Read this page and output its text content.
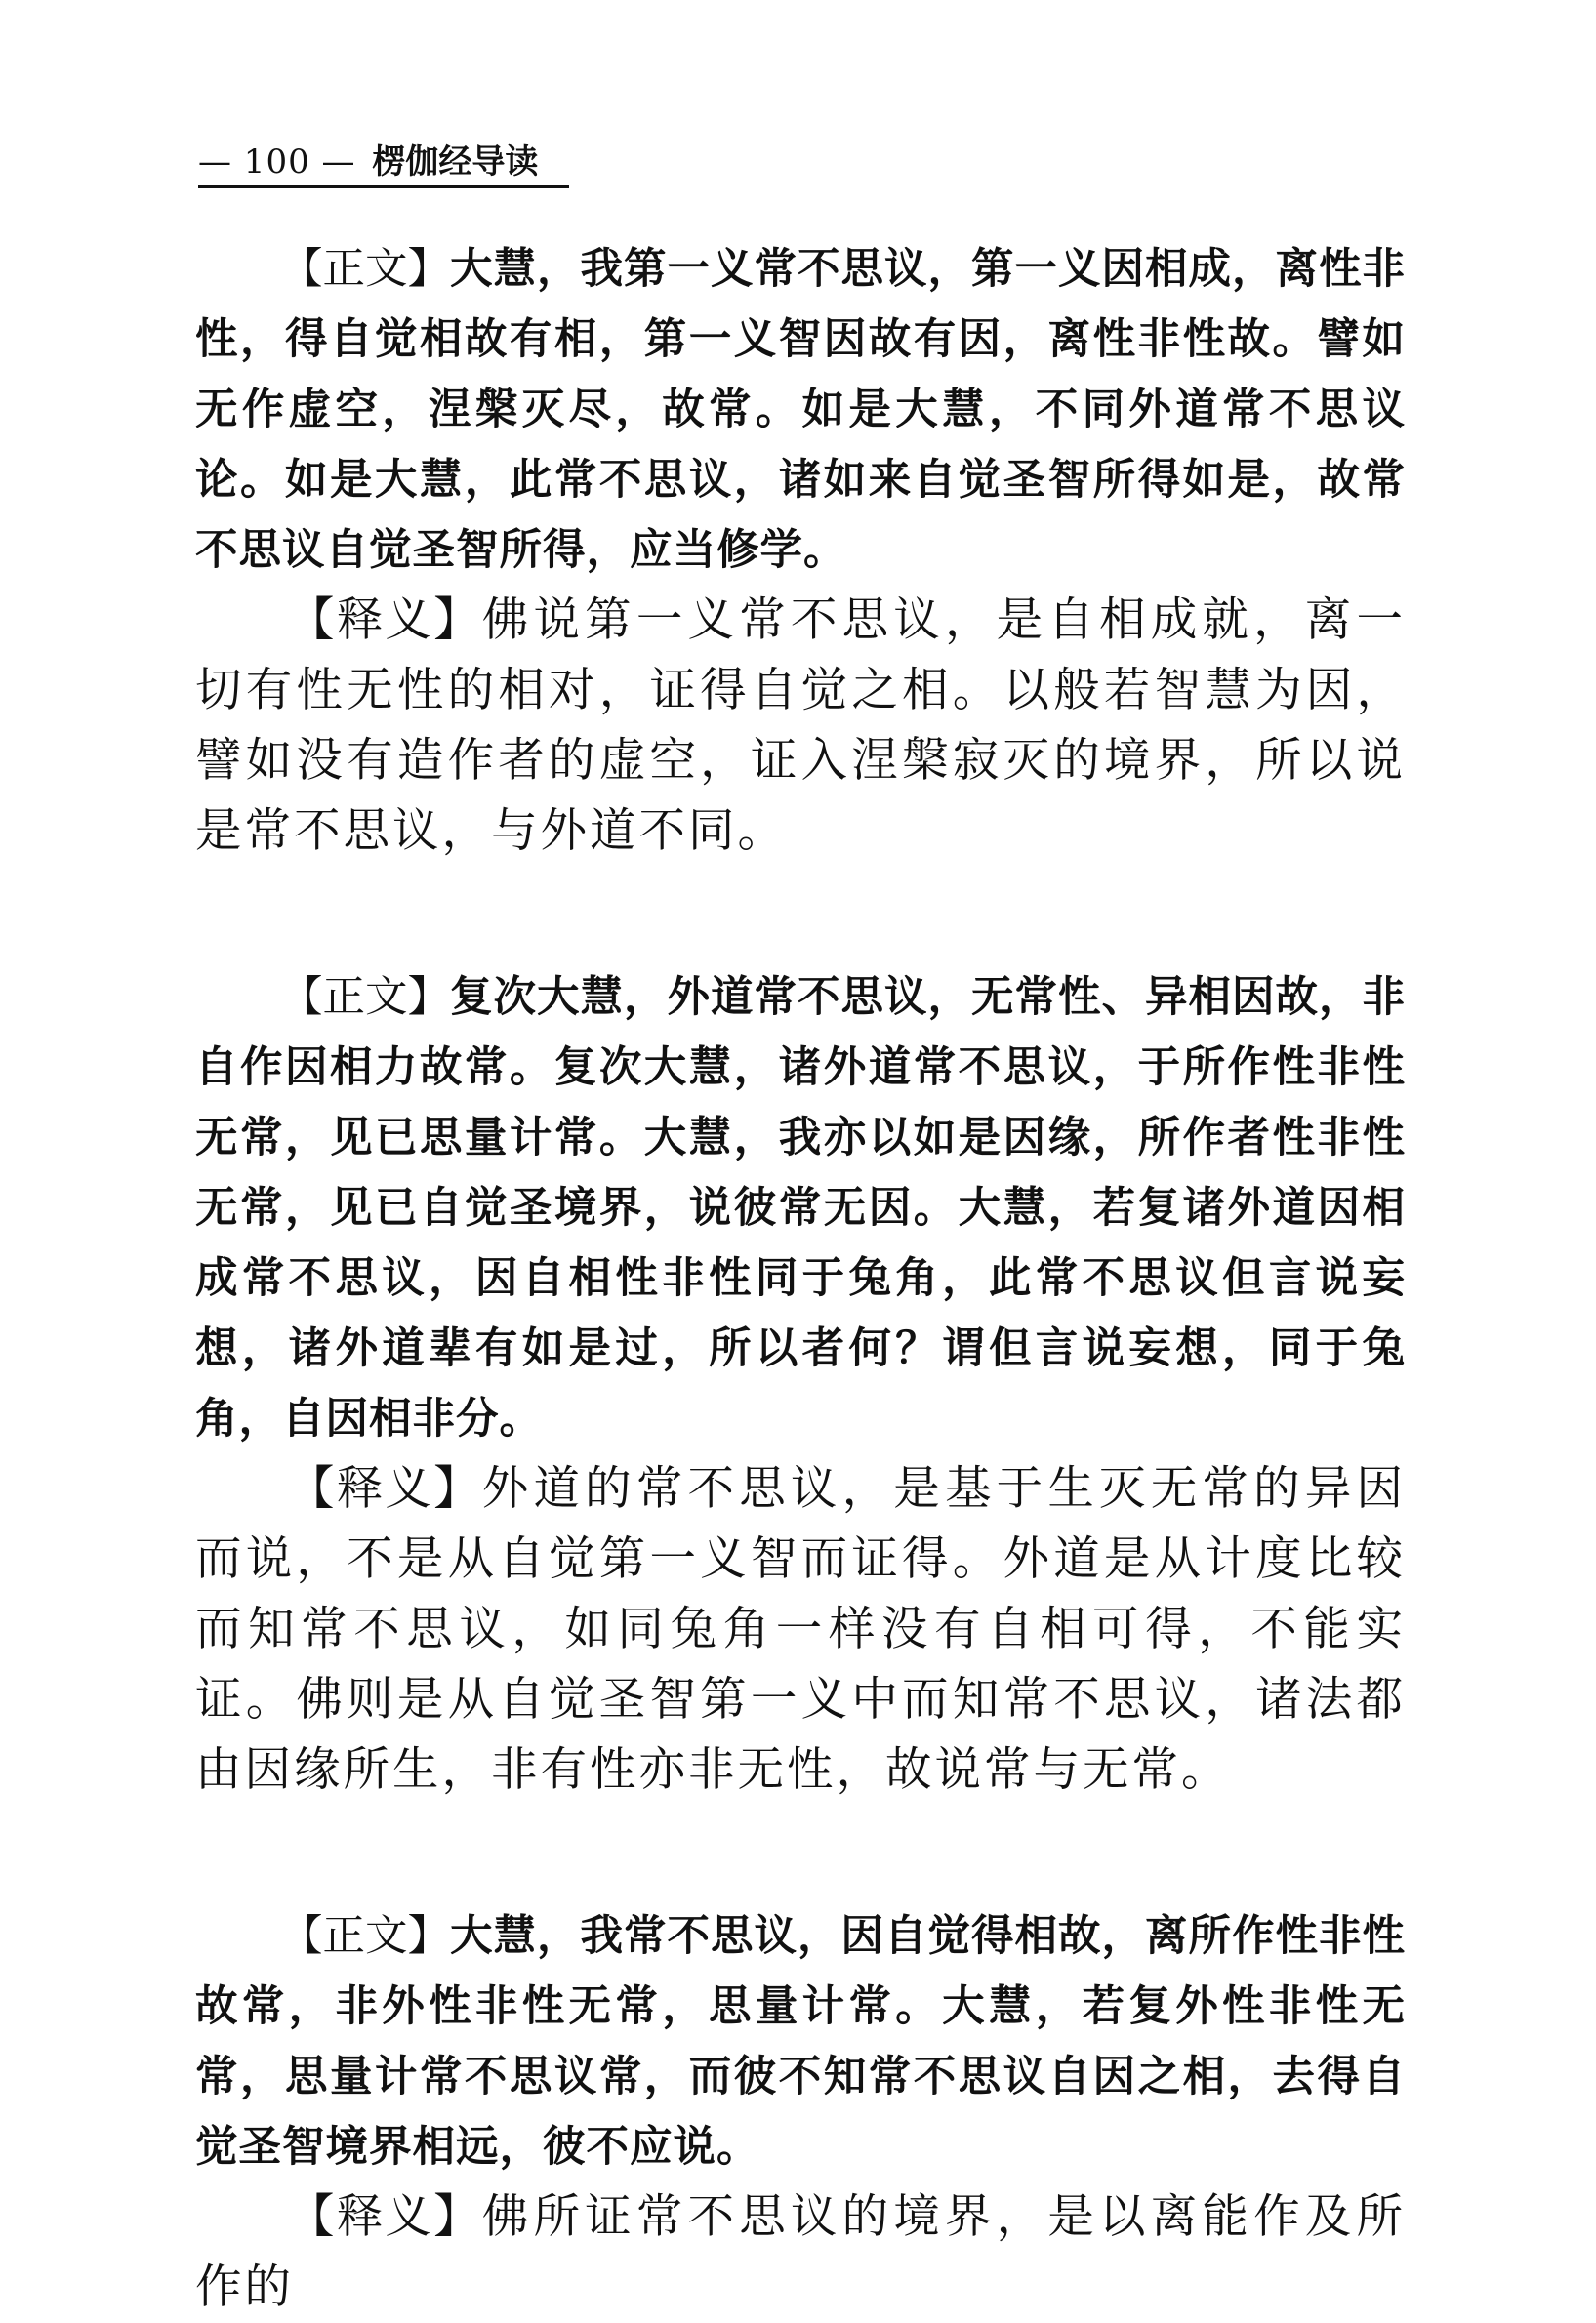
— 100 — 楞伽经导读

【正文】大慧，我第一义常不思议，第一义因相成，离性非性，得自觉相故有相，第一义智因故有因，离性非性故。譬如无作虚空，涅槃灭尽，故常。如是大慧，不同外道常不思议论。如是大慧，此常不思议，诸如来自觉圣智所得如是，故常不思议自觉圣智所得，应当修学。

【释义】佛说第一义常不思议，是自相成就，离一切有性无性的相对，证得自觉之相。以般若智慧为因，譬如没有造作者的虚空，证入涅槃寂灭的境界，所以说是常不思议，与外道不同。

【正文】复次大慧，外道常不思议，无常性、异相因故，非自作因相力故常。复次大慧，诸外道常不思议，于所作性非性无常，见已思量计常。大慧，我亦以如是因缘，所作者性非性无常，见已自觉圣境界，说彼常无因。大慧，若复诸外道因相成常不思议，因自相性非性同于兔角，此常不思议但言说妄想，诸外道辈有如是过，所以者何？谓但言说妄想，同于兔角，自因相非分。

【释义】外道的常不思议，是基于生灭无常的异因而说，不是从自觉第一义智而证得。外道是从计度比较而知常不思议，如同兔角一样没有自相可得，不能实证。佛则是从自觉圣智第一义中而知常不思议，诸法都由因缘所生，非有性亦非无性，故说常与无常。

【正文】大慧，我常不思议，因自觉得相故，离所作性非性故常，非外性非性无常，思量计常。大慧，若复外性非性无常，思量计常不思议常，而彼不知常不思议自因之相，去得自觉圣智境界相远，彼不应说。

【释义】佛所证常不思议的境界，是以离能作及所作的
